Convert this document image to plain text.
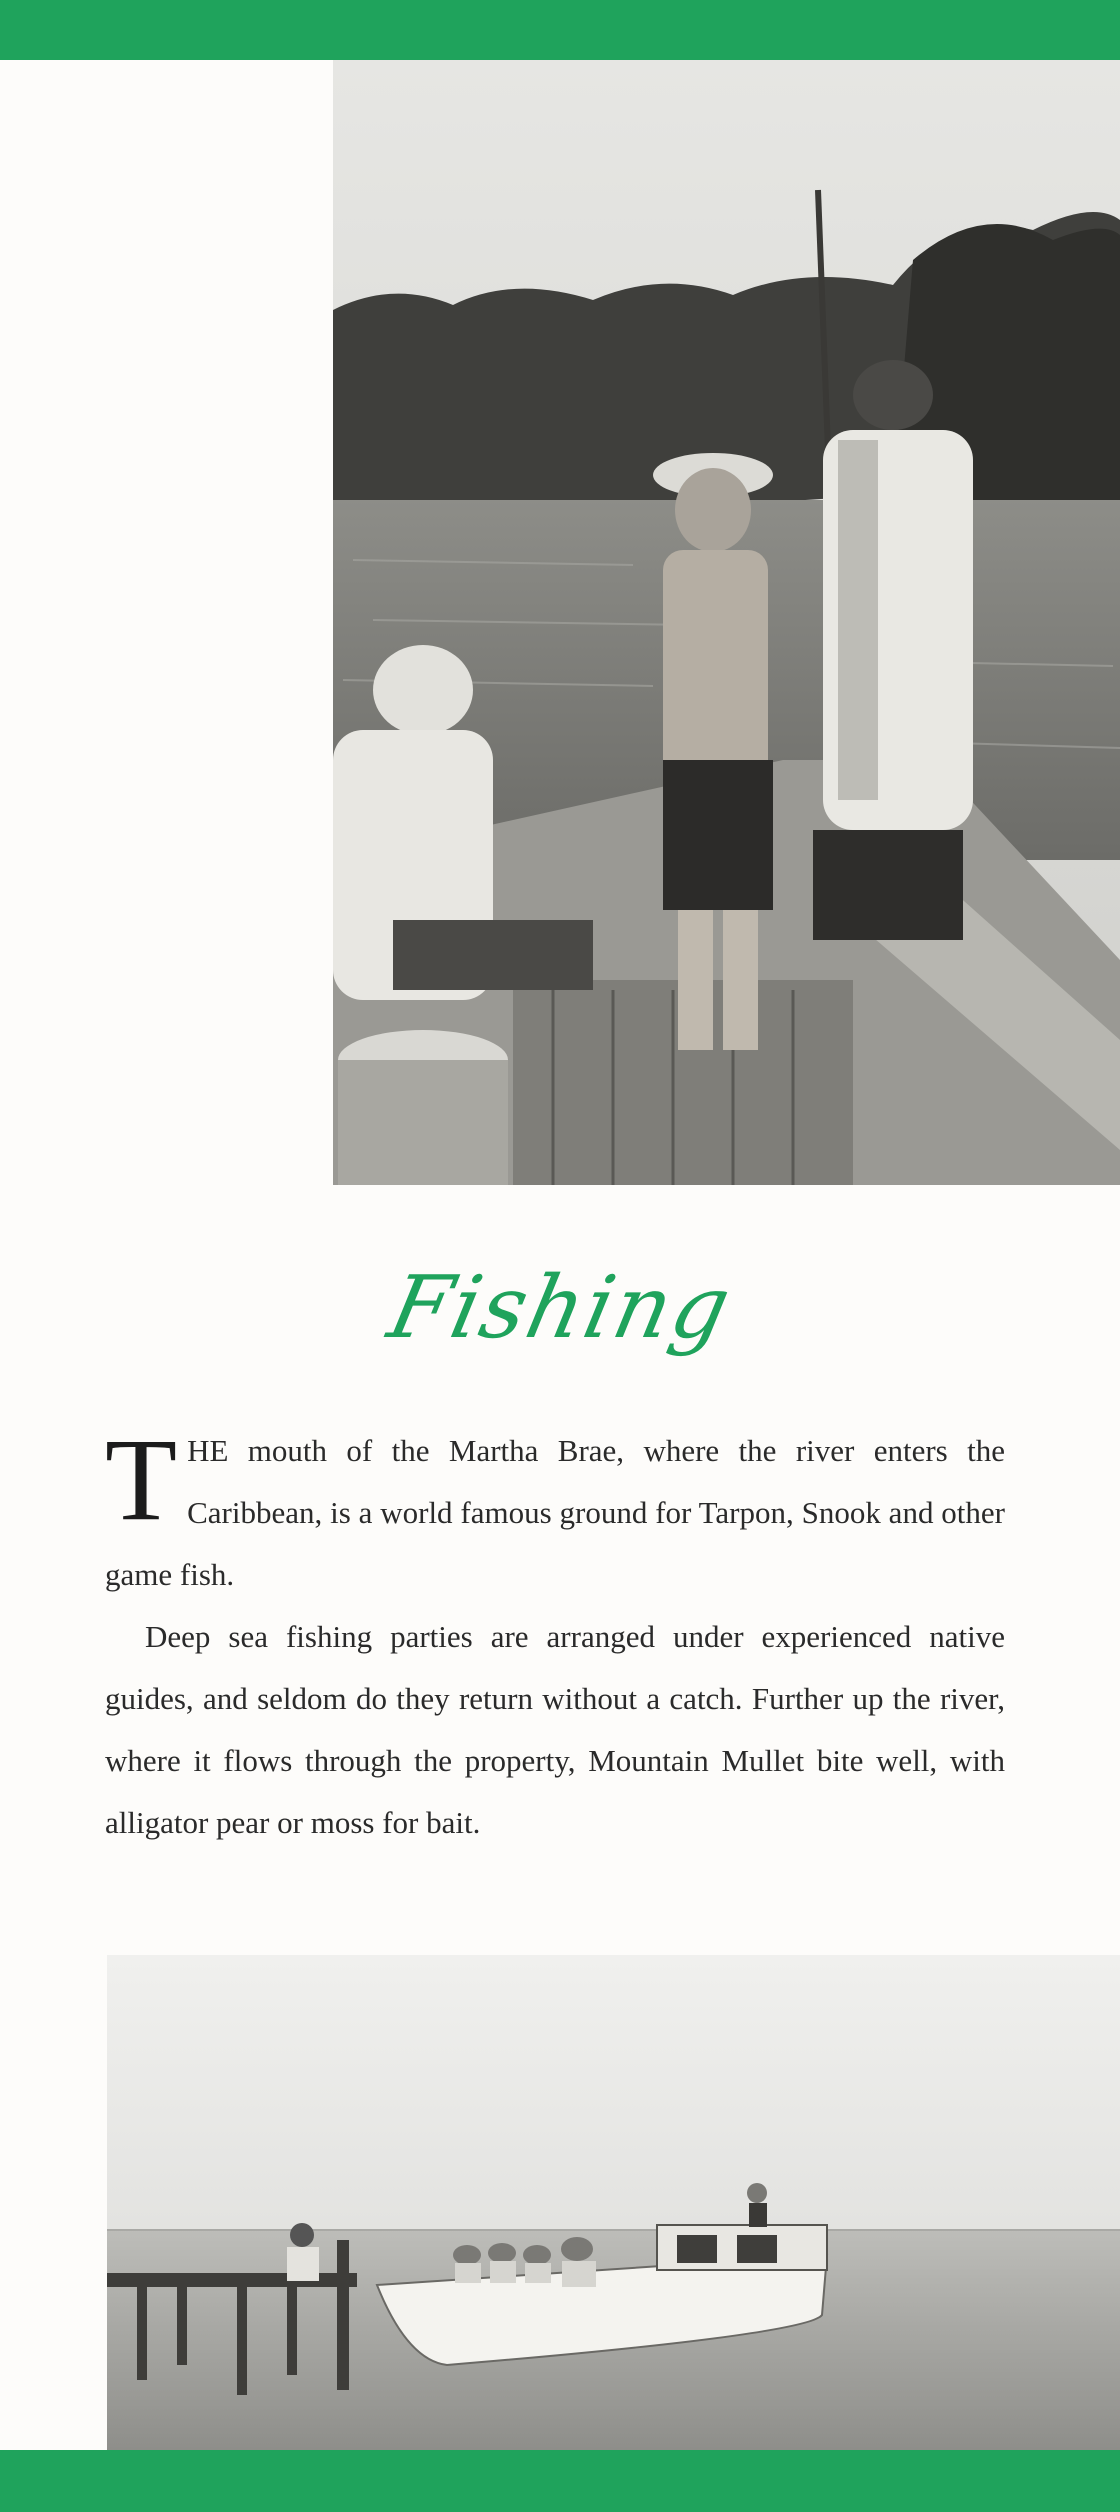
Fishing

THE mouth of the Martha Brae, where the river enters the Caribbean, is a world famous ground for Tarpon, Snook and other game fish.

Deep sea fishing parties are arranged under experienced native guides, and seldom do they return without a catch. Further up the river, where it flows through the property, Mountain Mullet bite well, with alligator pear or moss for bait.
